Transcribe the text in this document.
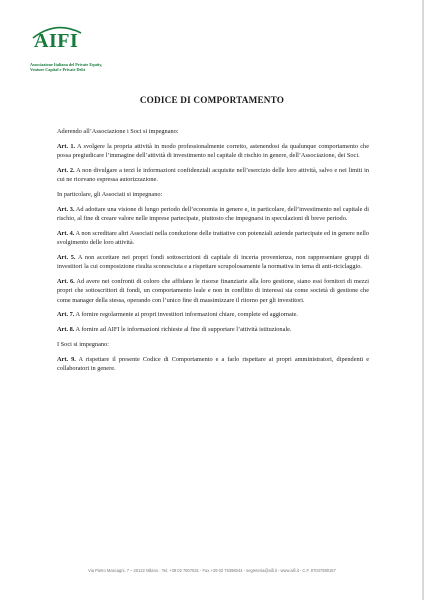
AIFI
Associazione Italiana del Private Equity,
Venture Capital e Private Debt
CODICE DI COMPORTAMENTO

Aderendo all’Associazione i Soci si impegnano:

Art. 1. A svolgere la propria attività in modo professionalmente corretto, astenendosi da qualunque comportamento che possa pregiudicare l’immagine dell’attività di investimento nel capitale di rischio in genere, dell’Associazione, dei Soci.

Art. 2. A non divulgare a terzi le informazioni confidenziali acquisite nell’esercizio delle loro attività, salvo e nei limiti in cui ne ricevano espressa autorizzazione.

In particolare, gli Associati si impegnano:

Art. 3. Ad adottare una visione di lungo periodo dell’economia in genere e, in particolare, dell’investimento nel capitale di rischio, al fine di creare valore nelle imprese partecipate, piuttosto che impegnarsi in speculazioni di breve periodo.

Art. 4. A non screditare altri Associati nella conduzione delle trattative con potenziali aziende partecipate ed in genere nello svolgimento delle loro attività.

Art. 5. A non accettare nei propri fondi sottoscrizioni di capitale di incerta provenienza, non rappresentare gruppi di investitori la cui composizione risulta sconosciuta e a rispettare scrupolosamente la normativa in tema di anti-riciclaggio.

Art. 6. Ad avere nei confronti di coloro che affidano le risorse finanziarie alla loro gestione, siano essi fornitori di mezzi propri che sottoscrittori di fondi, un comportamento leale e non in conflitto di interessi sia come società di gestione che come manager della stessa, operando con l’unico fine di massimizzare il ritorno per gli investitori.

Art. 7. A fornire regolarmente ai propri investitori informazioni chiare, complete ed aggiornate.

Art. 8. A fornire ad AIFI le informazioni richieste al fine di supportare l’attività istituzionale.

I Soci si impegnano:

Art. 9. A rispettare il presente Codice di Comportamento e a farlo rispettare ai propri amministratori, dipendenti e collaboratori in genere.

Via Pietro Mascagni, 7 – 20122 Milano - Tel. +39 02 7607531 - Fax +39 02 76398044 - segreteria@aifi.it - www.aifi.it - C.F. 97047690157
